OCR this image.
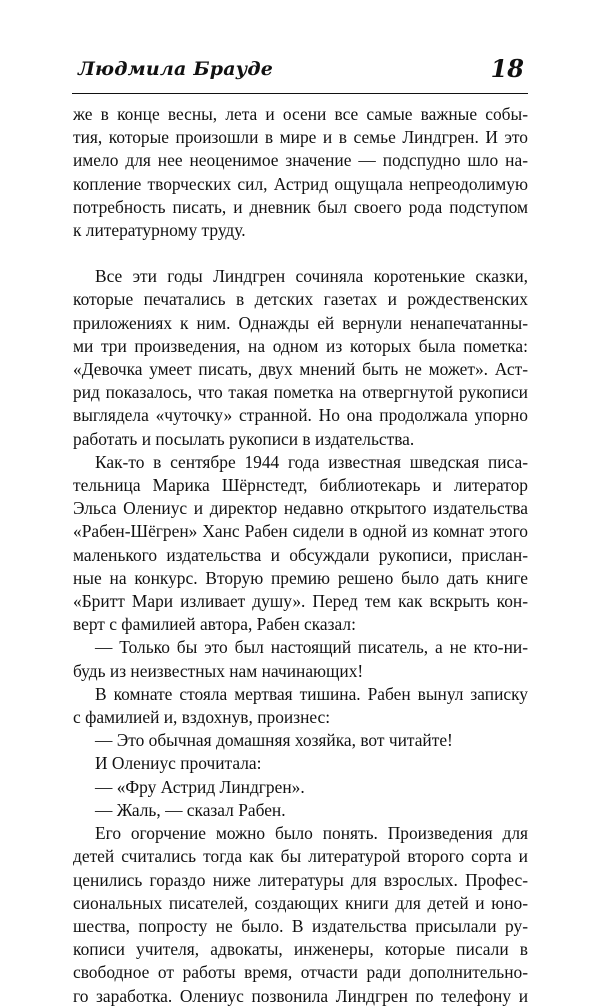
Людмила Брауде	18

же в конце весны, лета и осени все самые важные собы-
тия, которые произошли в мире и в семье Линдгрен. И это
имело для нее неоценимое значение — подспудно шло на-
копление творческих сил, Астрид ощущала непреодолимую
потребность писать, и дневник был своего рода подступом
к литературному труду.

Все эти годы Линдгрен сочиняла коротенькие сказки,
которые печатались в детских газетах и рождественских
приложениях к ним. Однажды ей вернули ненапечатанны-
ми три произведения, на одном из которых была пометка:
«Девочка умеет писать, двух мнений быть не может». Аст-
рид показалось, что такая пометка на отвергнутой рукописи
выглядела «чуточку» странной. Но она продолжала упорно
работать и посылать рукописи в издательства.

Как-то в сентябре 1944 года известная шведская писа-
тельница Марика Шёрнстедт, библиотекарь и литератор
Эльса Олениус и директор недавно открытого издательства
«Рабен-Шёгрен» Ханс Рабен сидели в одной из комнат этого
маленького издательства и обсуждали рукописи, прислан-
ные на конкурс. Вторую премию решено было дать книге
«Бритт Мари изливает душу». Перед тем как вскрыть кон-
верт с фамилией автора, Рабен сказал:

— Только бы это был настоящий писатель, а не кто-ни-
будь из неизвестных нам начинающих!

В комнате стояла мертвая тишина. Рабен вынул записку
с фамилией и, вздохнув, произнес:

— Это обычная домашняя хозяйка, вот читайте!

И Олениус прочитала:

— «Фру Астрид Линдгрен».

— Жаль, — сказал Рабен.

Его огорчение можно было понять. Произведения для
детей считались тогда как бы литературой второго сорта и
ценились гораздо ниже литературы для взрослых. Профес-
сиональных писателей, создающих книги для детей и юно-
шества, попросту не было. В издательства присылали ру-
кописи учителя, адвокаты, инженеры, которые писали в
свободное от работы время, отчасти ради дополнительно-
го заработка. Олениус позвонила Линдгрен по телефону и
